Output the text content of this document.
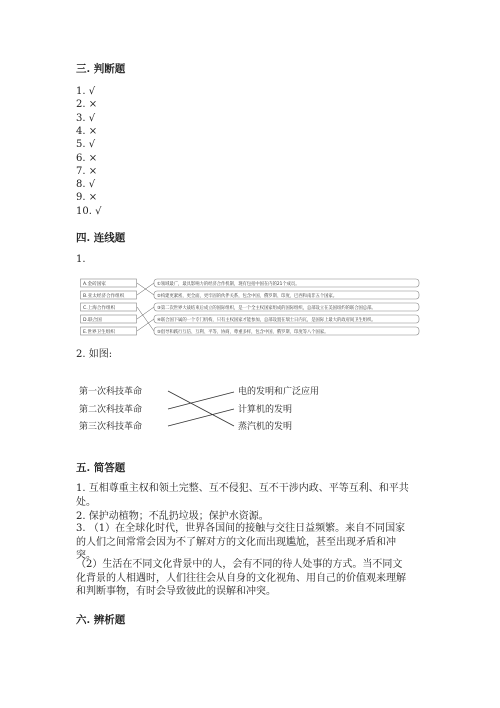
三. 判断题
1. √
2. ×
3. √
4. ×
5. √
6. ×
7. ×
8. √
9. ×
10. √
四. 连线题
1.
A.金砖国家
B.亚太经济合作组织
C.上海合作组织
D.联合国
E.世界卫生组织
①领域最广，最具影响力的经济合作机制，现有包括中国在内的21个成员。
②构建更紧密，更全面，更牢固的伙伴关系，包含中国、俄罗斯、印度、巴西和南非五个国家。
③第二次世界大战结束后成立的国际组织，是一个全主权国家组成的国际组织，总部设立在美国纽约的联合国总部。
④联合国下属的一个专门机构，只有主权国家才能参加，总部设置在瑞士日内瓦，是国际上最大的政府间卫生组织。
⑤倡导和践行互信、互利、平等、协商、尊重多样，包含中国、俄罗斯、印度等八个国家。
2. 如图:
第一次科技革命
第二次科技革命
第三次科技革命
电的发明和广泛应用
计算机的发明
蒸汽机的发明
五. 简答题
1. 互相尊重主权和领土完整、互不侵犯、互不干涉内政、平等互利、和平共处。
2. 保护动植物；不乱扔垃圾；保护水资源。
3. （1）在全球化时代，世界各国间的接触与交往日益频繁。来自不同国家的人们之间常常会因为不了解对方的文化而出现尴尬，甚至出现矛盾和冲突。
（2）生活在不同文化背景中的人，会有不同的待人处事的方式。当不同文化背景的人相遇时，人们往往会从自身的文化视角、用自己的价值观来理解和判断事物，有时会导致彼此的误解和冲突。
六. 辨析题
